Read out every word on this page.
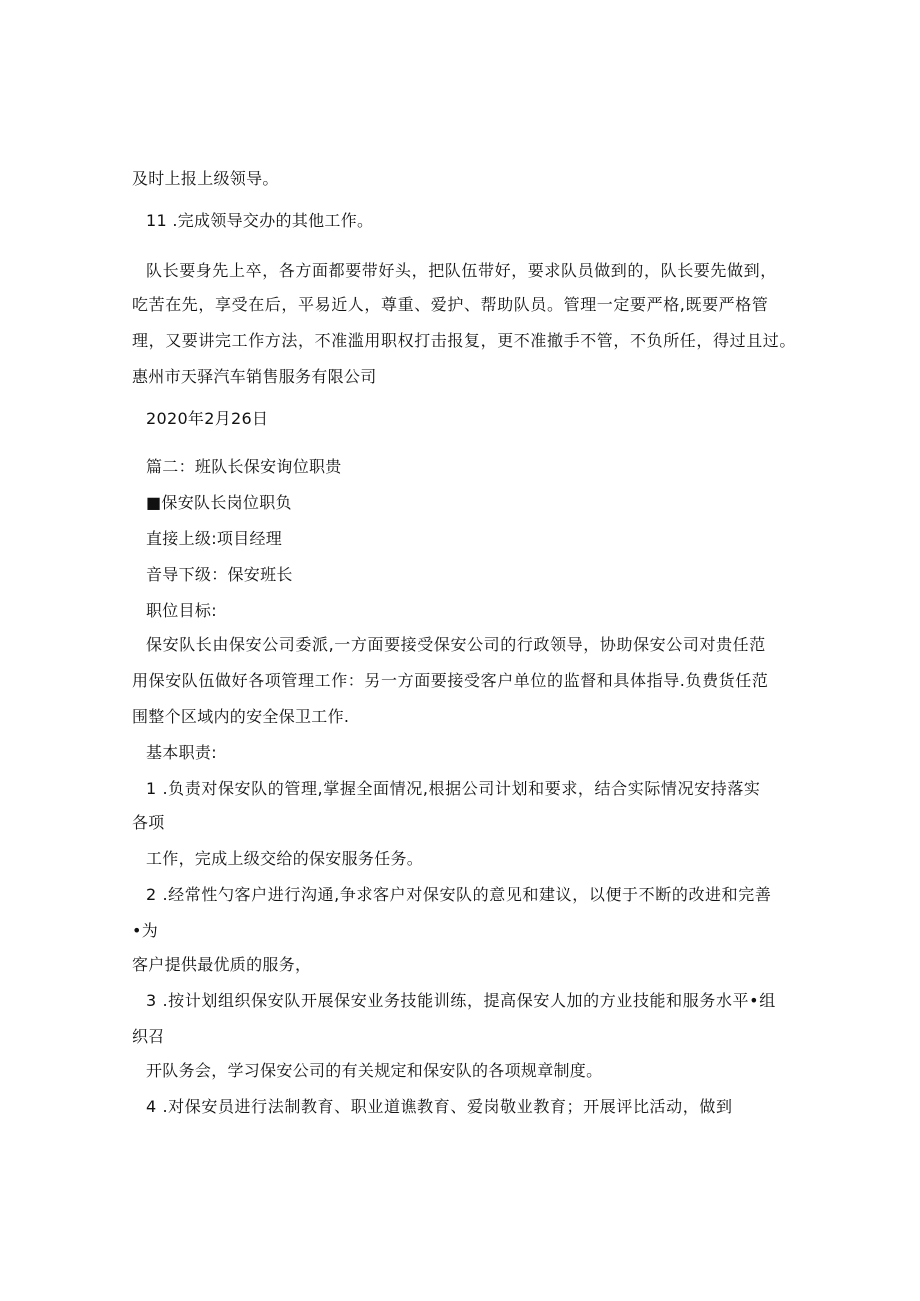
及时上报上级领导。
11 .完成领导交办的其他工作。
队长要身先上卒，各方面都要带好头，把队伍带好，要求队员做到的，队长要先做到，
吃苦在先，享受在后，平易近人，尊重、爱护、帮助队员。管理一定要严格,既要严格管
理，又要讲完工作方法，不准滥用职权打击报复，更不准撤手不管，不负所任，得过且过。
惠州市天驿汽车销售服务有限公司
2020年2月26日
篇二：班队长保安询位职贵
■保安队长岗位职负
直接上级:项目经理
音导下级：保安班长
职位目标:
保安队长由保安公司委派,一方面要接受保安公司的行政领导，协助保安公司对贵任范
用保安队伍做好各项管理工作：另一方面要接受客户单位的监督和具体指导.负费货任范
围整个区域内的安全保卫工作.
基本职责:
1 .负责对保安队的管理,掌握全面情况,根据公司计划和要求，结合实际情况安持落实
各项
工作，完成上级交给的保安服务任务。
2 .经常性勺客户进行沟通,争求客户对保安队的意见和建议，以便于不断的改进和完善
•为
客户提供最优质的服务，
3 .按计划组织保安队开展保安业务技能训练，提高保安人加的方业技能和服务水平•组
织召
开队务会，学习保安公司的有关规定和保安队的各项规章制度。
4 .对保安员进行法制教育、职业道谯教育、爱岗敬业教育；开展评比活动，做到
